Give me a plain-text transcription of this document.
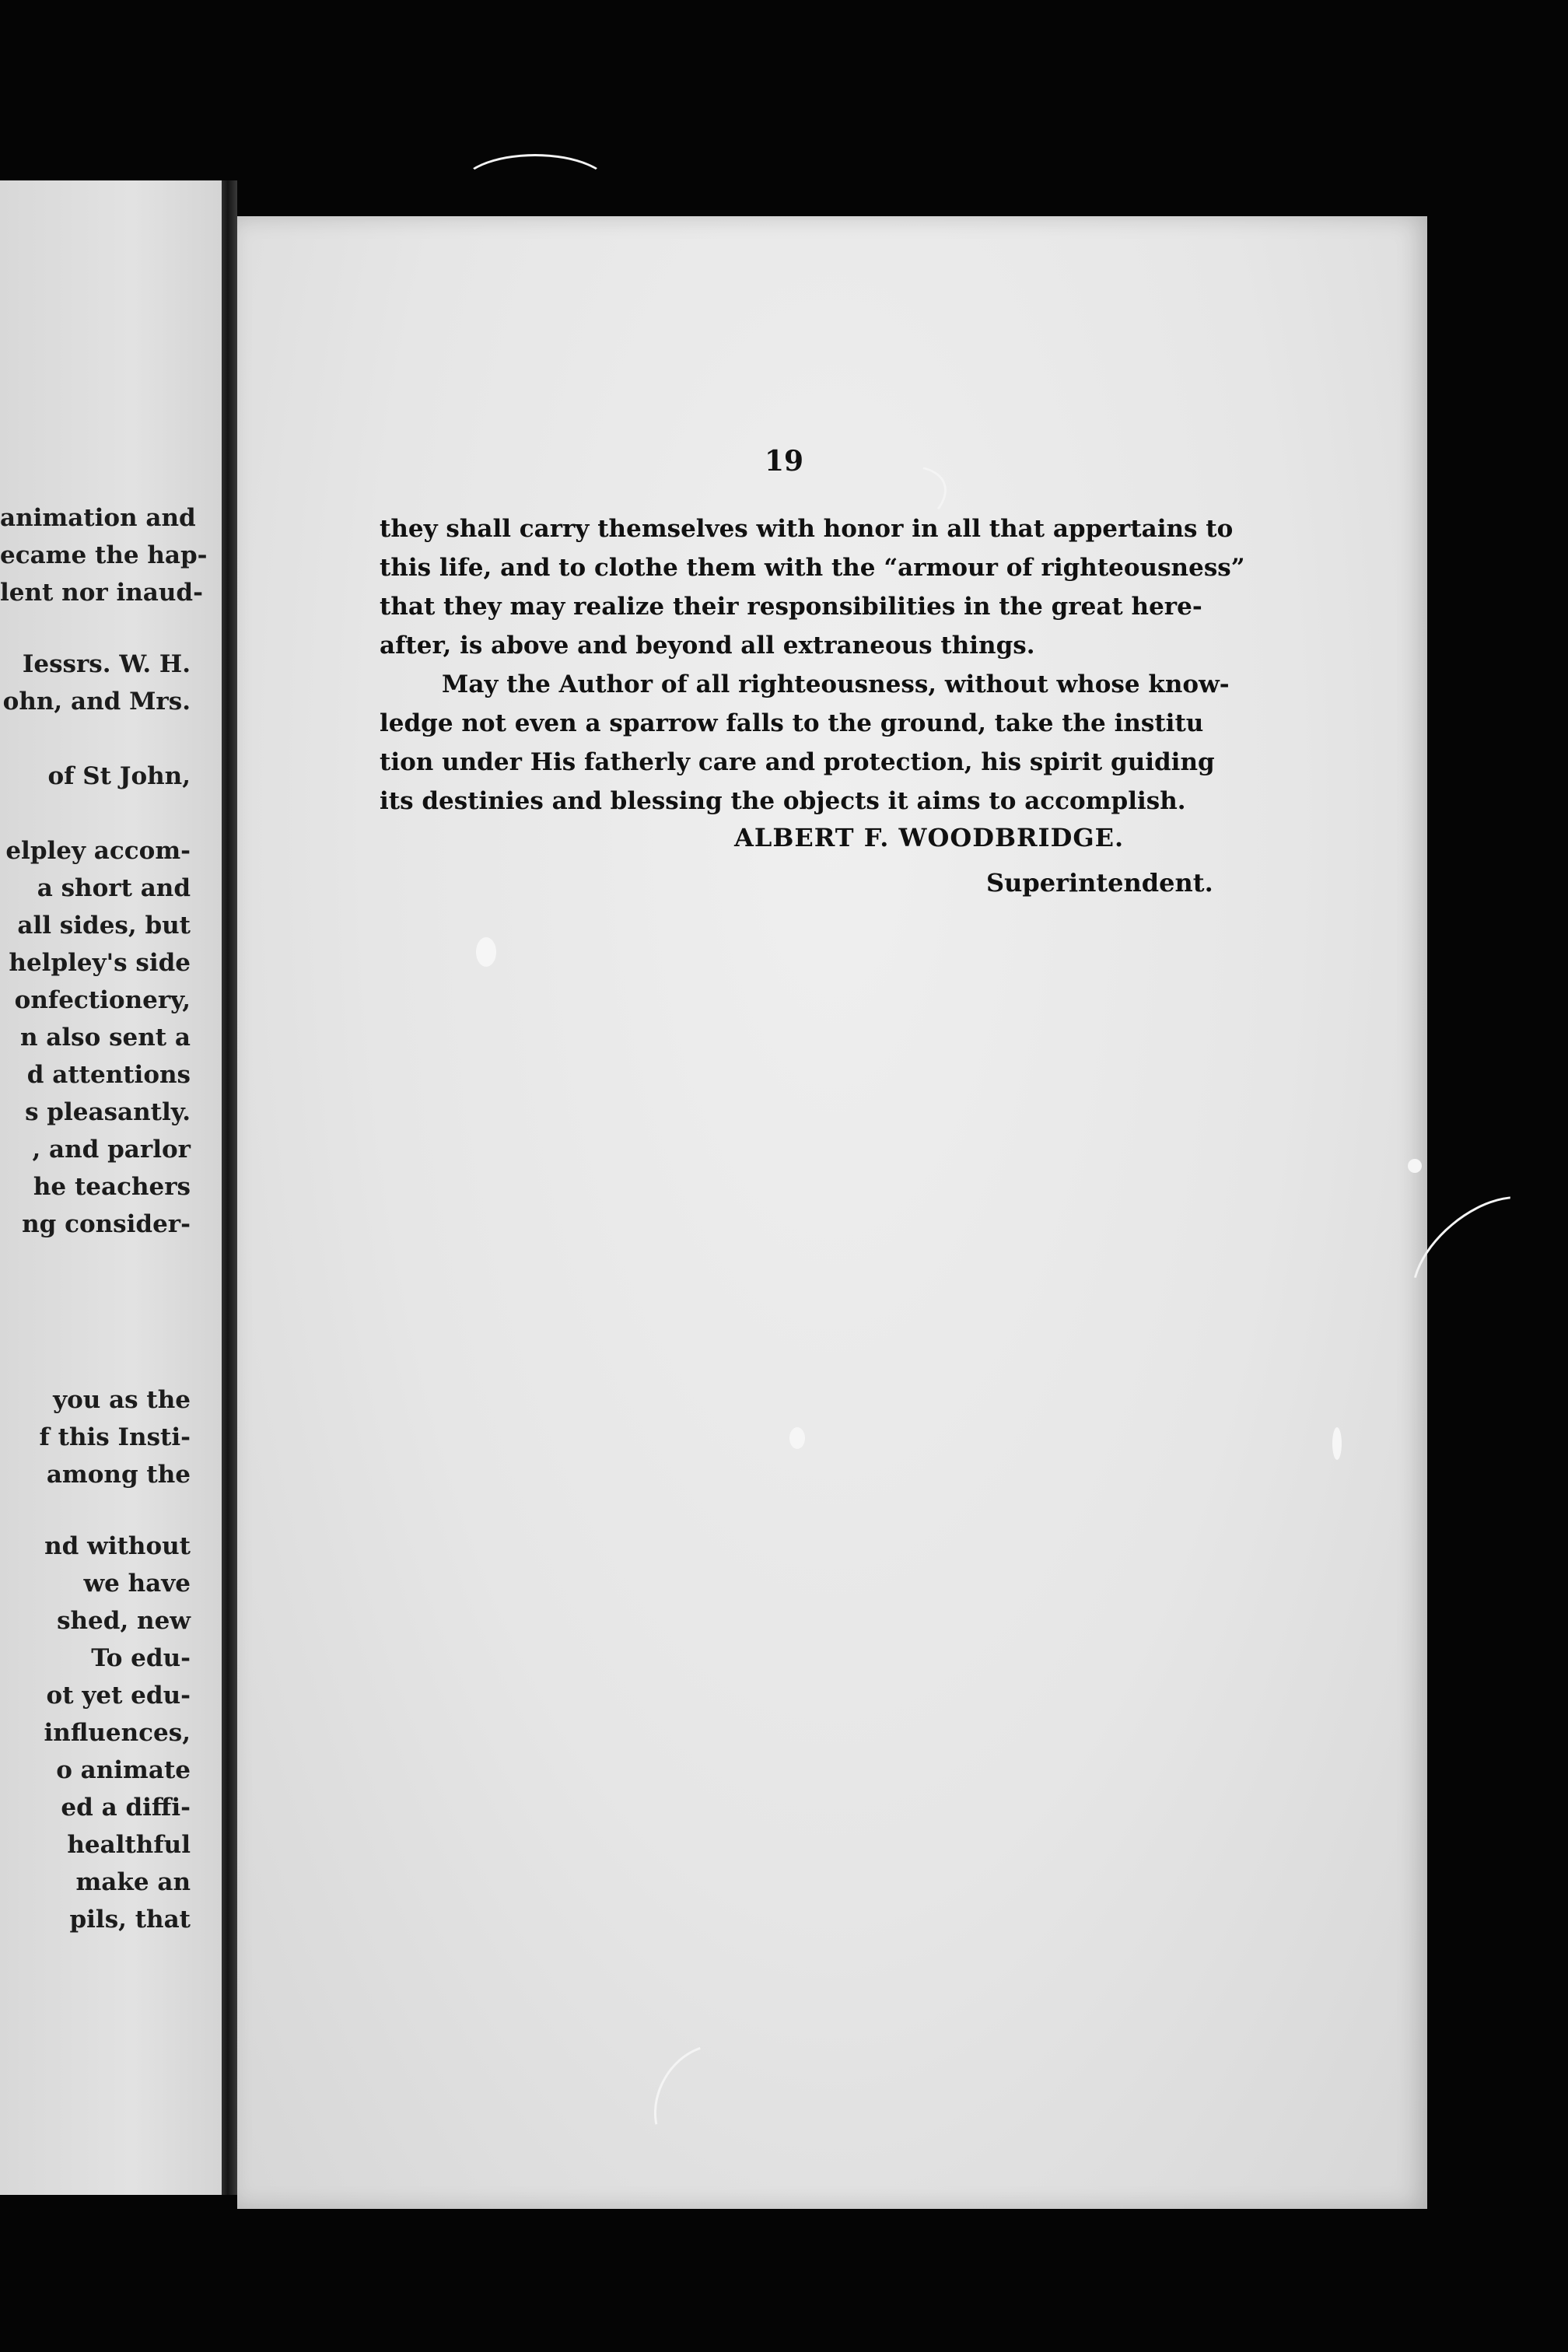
animation and
ecame the hap-
lent nor inaud-
Iessrs. W. H.
ohn, and Mrs.
of St John,
elpley accom-
a short and
all sides, but
helpley's side
onfectionery,
n also sent a
d attentions
s pleasantly.
, and parlor
he teachers
ng consider-
you as the
f this Insti-
among the
nd without
we have
shed, new
To edu-
ot yet edu-
influences,
o animate
ed a diffi-
healthful
make an
pils, that
19
they shall carry themselves with honor in all that appertains to
this life, and to clothe them with the “armour of righteousness”
that they may realize their responsibilities in the great here-
after, is above and beyond all extraneous things.
May the Author of all righteousness, without whose know-
ledge not even a sparrow falls to the ground, take the institu
tion under His fatherly care and protection, his spirit guiding
its destinies and blessing the objects it aims to accomplish.
ALBERT F. WOODBRIDGE.
Superintendent.
